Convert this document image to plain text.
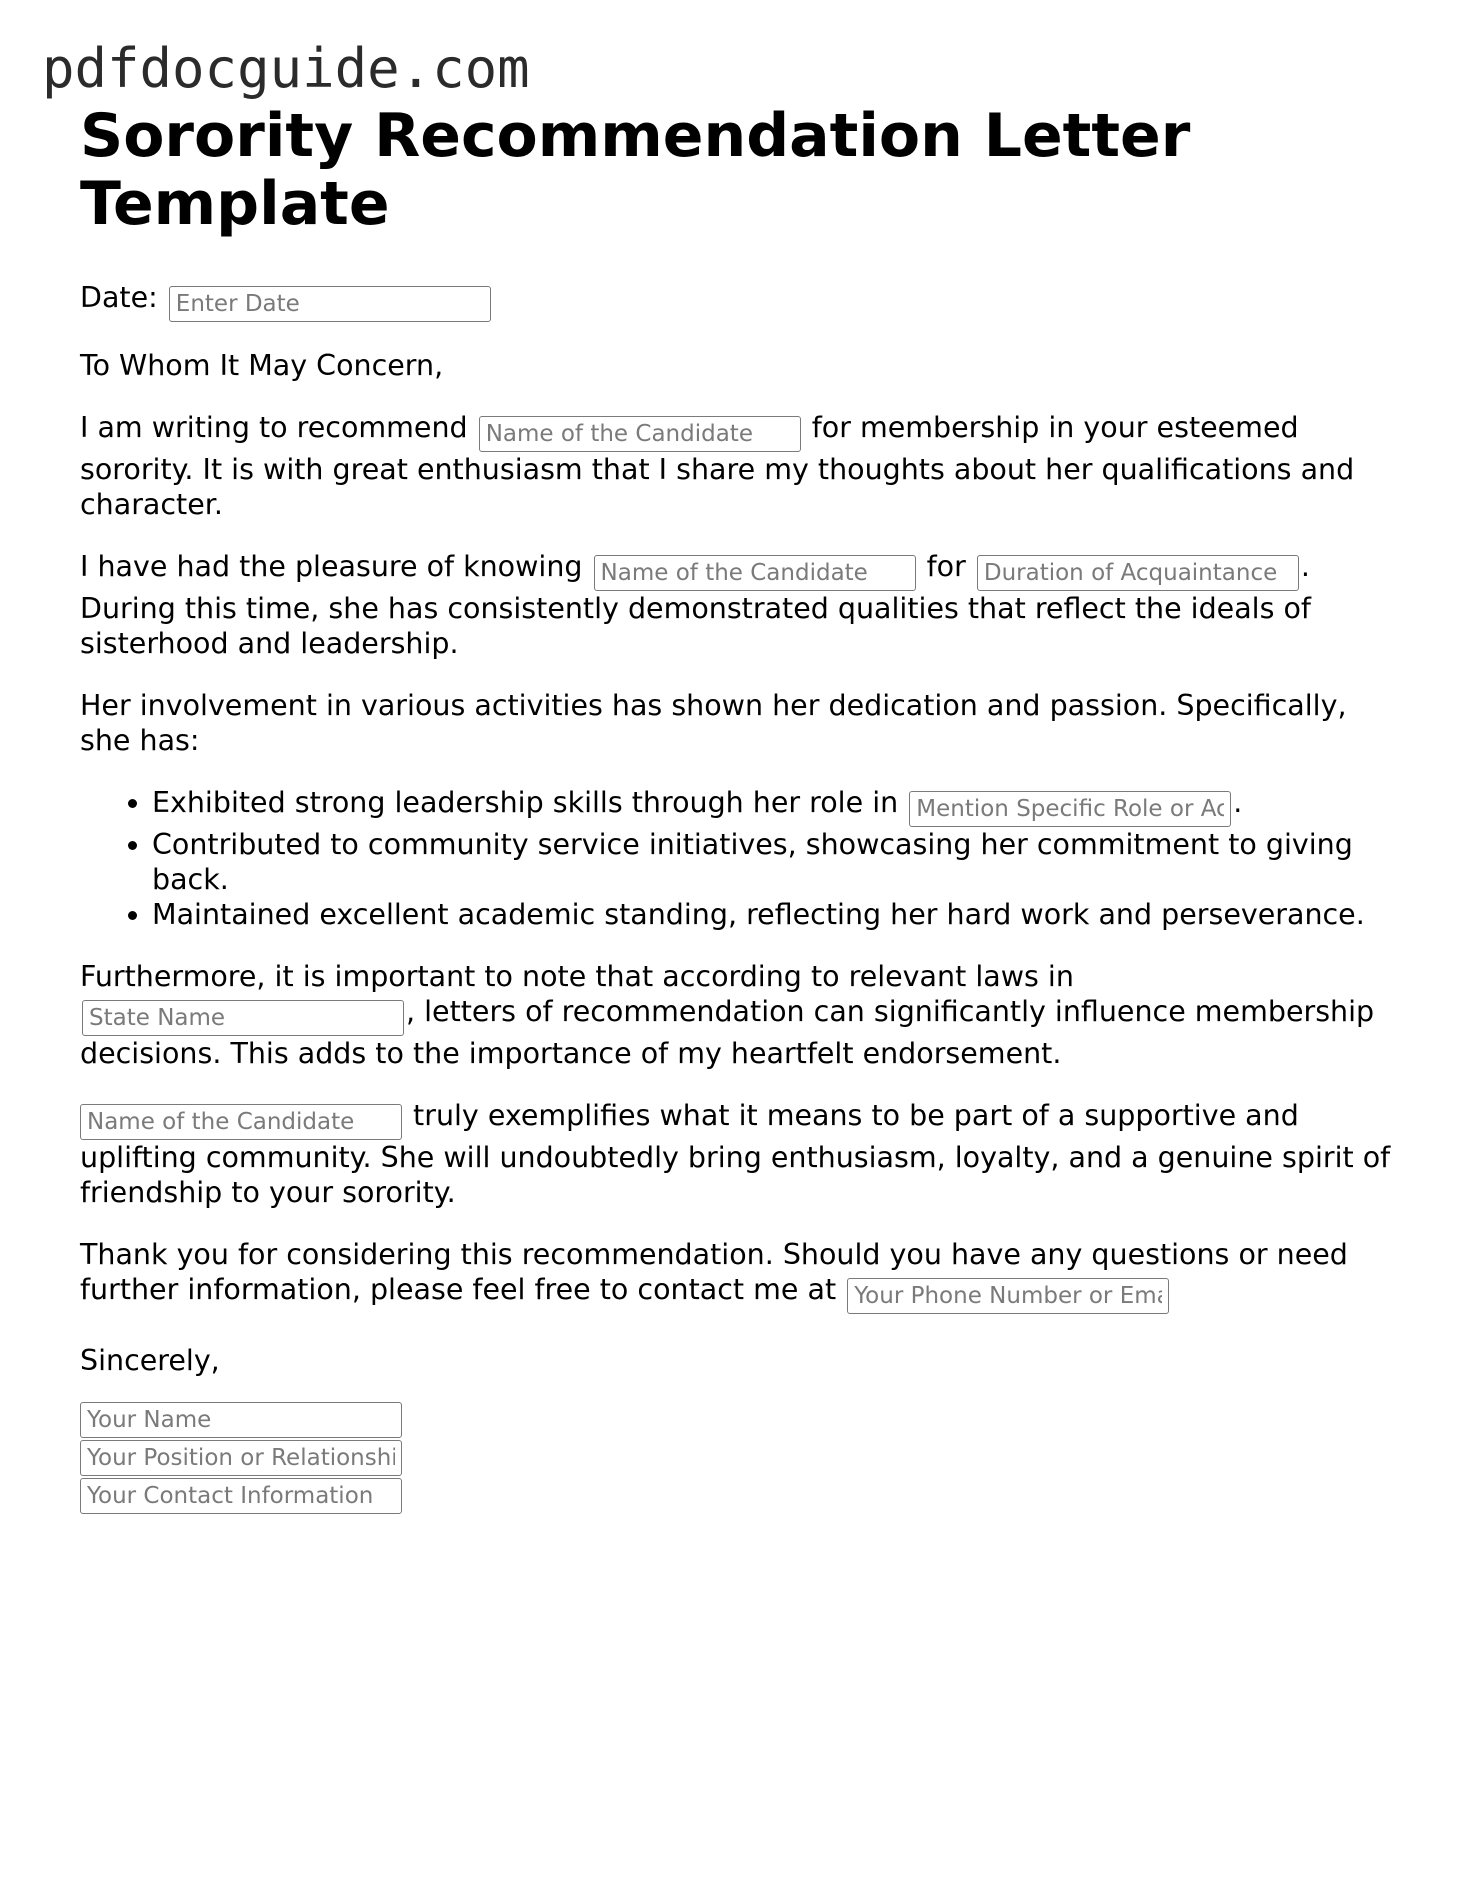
pdfdocguide.com
Sorority Recommendation Letter Template

Date: Enter Date

To Whom It May Concern,

I am writing to recommend Name of the Candidate	for membership in your esteemed sorority. It is with great enthusiasm that I share my thoughts about her qualifications and character.

I have had the pleasure of knowing Name of the Candidate	for Duration of Acquaintance	. During this time, she has consistently demonstrated qualities that reflect the ideals of sisterhood and leadership.

Her involvement in various activities has shown her dedication and passion. Specifically, she has:

• Exhibited strong leadership skills through her role in Mention Specific Role or Activity	.
• Contributed to community service initiatives, showcasing her commitment to giving back.
• Maintained excellent academic standing, reflecting her hard work and perseverance.

Furthermore, it is important to note that according to relevant laws in State Name, letters of recommendation can significantly influence membership decisions. This adds to the importance of my heartfelt endorsement.

Name of the Candidate truly exemplifies what it means to be part of a supportive and uplifting community. She will undoubtedly bring enthusiasm, loyalty, and a genuine spirit of friendship to your sorority.

Thank you for considering this recommendation. Should you have any questions or need further information, please feel free to contact me at Your Phone Number or Email

Sincerely,

Your Name
Your Position or Relationship
Your Contact Information
